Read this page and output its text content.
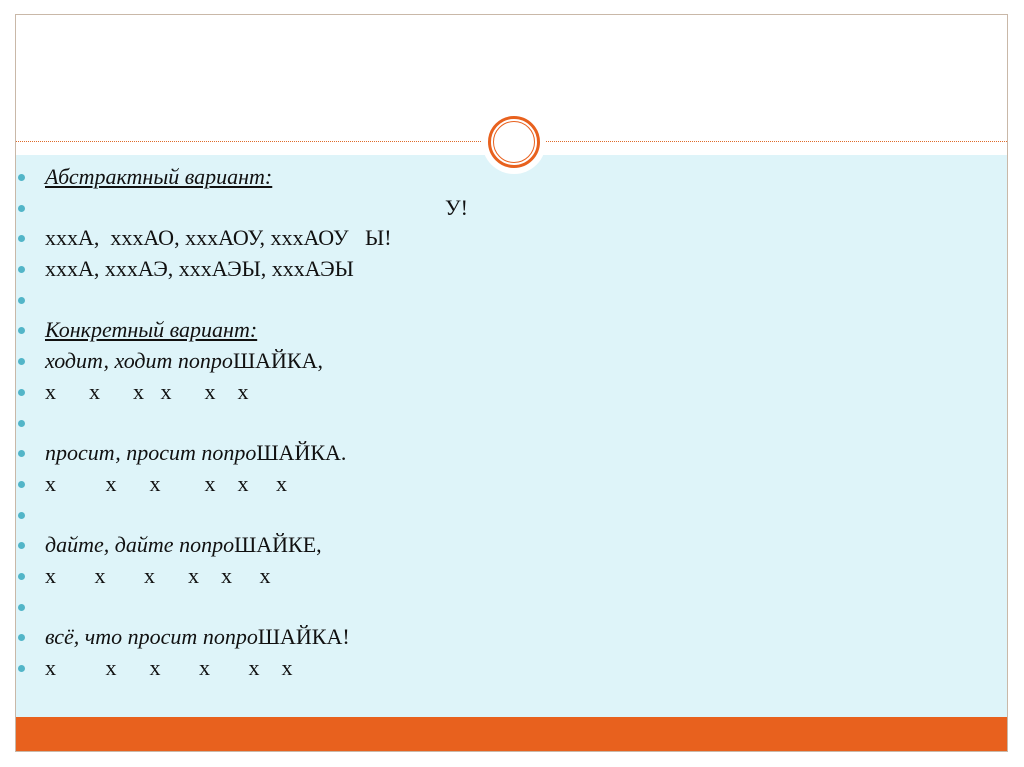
Абстрактный вариант:
У!
хххА,  хххАО, хххАОУ, хххАОУ   Ы!
хххА, хххАЭ, хххАЭЫ, хххАЭЫ
Конкретный вариант:
ходит, ходит попроШАЙКА,
х      х      х   х      х    х
просит, просит попроШАЙКА.
х         х      х        х    х     х
дайте, дайте попроШАЙКЕ,
х       х       х      х    х     х
всё, что просит попроШАЙКА!
х         х      х       х       х    х
